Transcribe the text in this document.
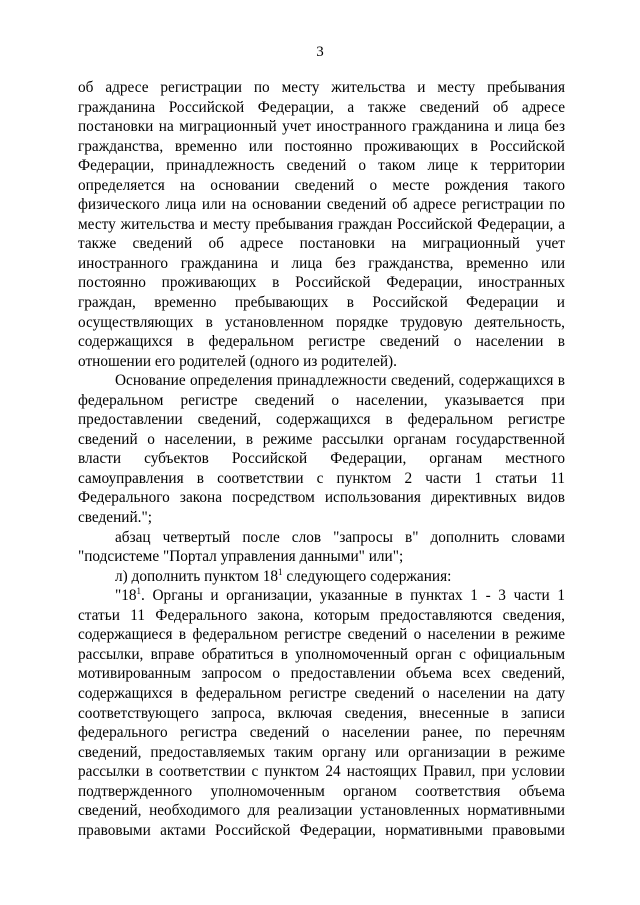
3

об адресе регистрации по месту жительства и месту пребывания гражданина Российской Федерации, а также сведений об адресе постановки на миграционный учет иностранного гражданина и лица без гражданства, временно или постоянно проживающих в Российской Федерации, принадлежность сведений о таком лице к территории определяется на основании сведений о месте рождения такого физического лица или на основании сведений об адресе регистрации по месту жительства и месту пребывания граждан Российской Федерации, а также сведений об адресе постановки на миграционный учет иностранного гражданина и лица без гражданства, временно или постоянно проживающих в Российской Федерации, иностранных граждан, временно пребывающих в Российской Федерации и осуществляющих в установленном порядке трудовую деятельность, содержащихся в федеральном регистре сведений о населении в отношении его родителей (одного из родителей).

Основание определения принадлежности сведений, содержащихся в федеральном регистре сведений о населении, указывается при предоставлении сведений, содержащихся в федеральном регистре сведений о населении, в режиме рассылки органам государственной власти субъектов Российской Федерации, органам местного самоуправления в соответствии с пунктом 2 части 1 статьи 11 Федерального закона посредством использования директивных видов сведений.";

абзац четвертый после слов "запросы в" дополнить словами "подсистеме "Портал управления данными" или";

л) дополнить пунктом $18^1$ следующего содержания:

"$18^1$. Органы и организации, указанные в пунктах 1 - 3 части 1 статьи 11 Федерального закона, которым предоставляются сведения, содержащиеся в федеральном регистре сведений о населении в режиме рассылки, вправе обратиться в уполномоченный орган с официальным мотивированным запросом о предоставлении объема всех сведений, содержащихся в федеральном регистре сведений о населении на дату соответствующего запроса, включая сведения, внесенные в записи федерального регистра сведений о населении ранее, по перечням сведений, предоставляемых таким органу или организации в режиме рассылки в соответствии с пунктом 24 настоящих Правил, при условии подтвержденного уполномоченным органом соответствия объема сведений, необходимого для реализации установленных нормативными правовыми актами Российской Федерации, нормативными правовыми
